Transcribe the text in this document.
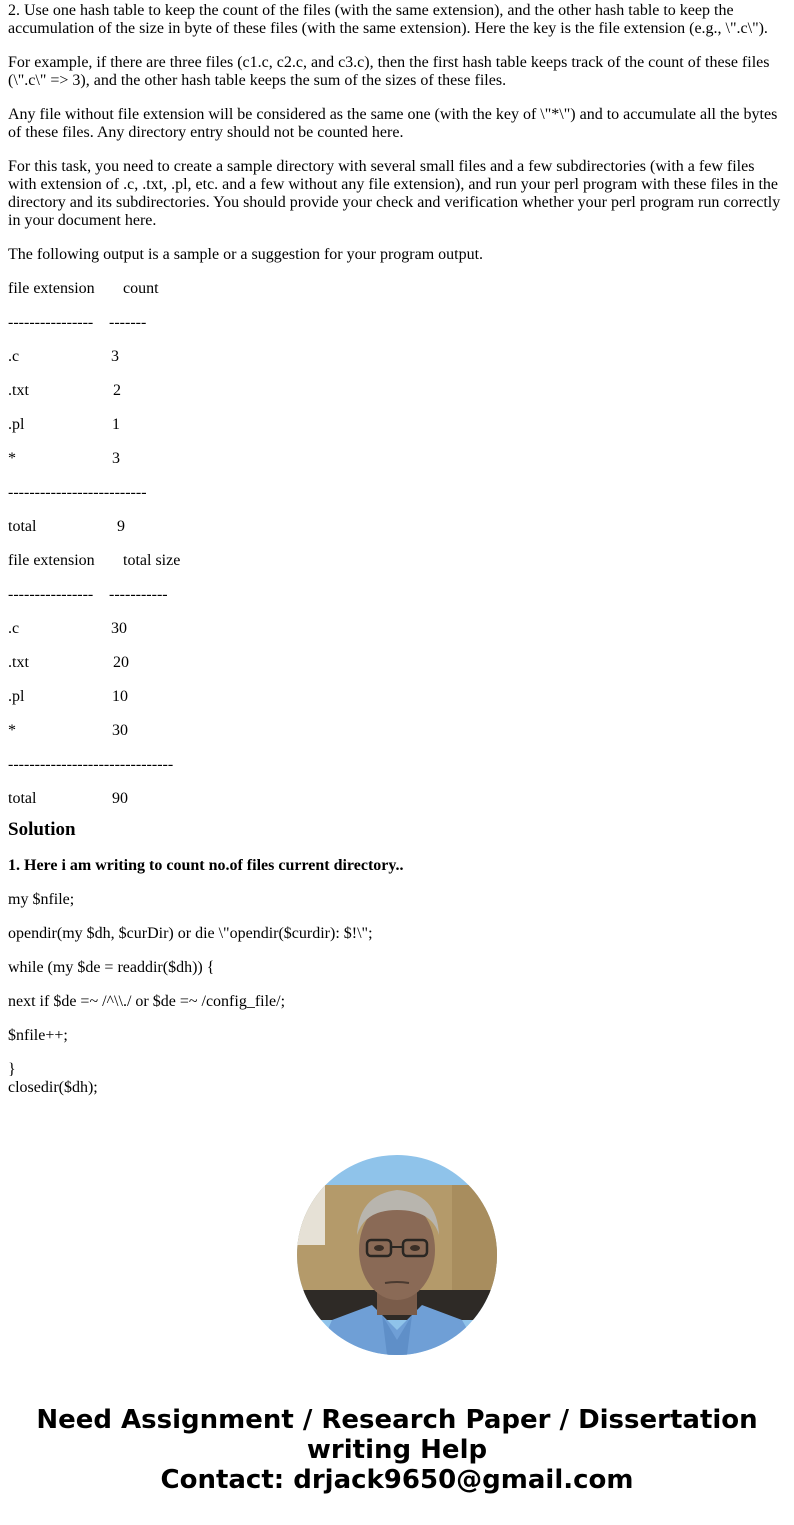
2. Use one hash table to keep the count of the files (with the same extension), and the other hash table to keep the accumulation of the size in byte of these files (with the same extension). Here the key is the file extension (e.g., \".c\").

For example, if there are three files (c1.c, c2.c, and c3.c), then the first hash table keeps track of the count of these files (\".c\" => 3), and the other hash table keeps the sum of the sizes of these files.

Any file without file extension will be considered as the same one (with the key of \"*\") and to accumulate all the bytes of these files. Any directory entry should not be counted here.

For this task, you need to create a sample directory with several small files and a few subdirectories (with a few files with extension of .c, .txt, .pl, etc. and a few without any file extension), and run your perl program with these files in the directory and its subdirectories. You should provide your check and verification whether your perl program run correctly in your document here.

The following output is a sample or a suggestion for your program output.

file extension count
---------------- -------
.c	3
.txt	2
.pl	1
*	3
--------------------------
total	9
file extension total size
---------------- -----------
.c	30
.txt	20
.pl	10
*	30
-------------------------------
total	90
Solution
1. Here i am writing to count no.of files current directory..

my $nfile;

opendir(my $dh, $curDir) or die \"opendir($curdir): $!\";

while (my $de = readdir($dh)) {

next if $de =~ /^\\./ or $de =~ /config_file/;

$nfile++;

}

closedir($dh);

Need Assignment / Research Paper / Dissertation
writing Help
Contact: drjack9650@gmail.com
